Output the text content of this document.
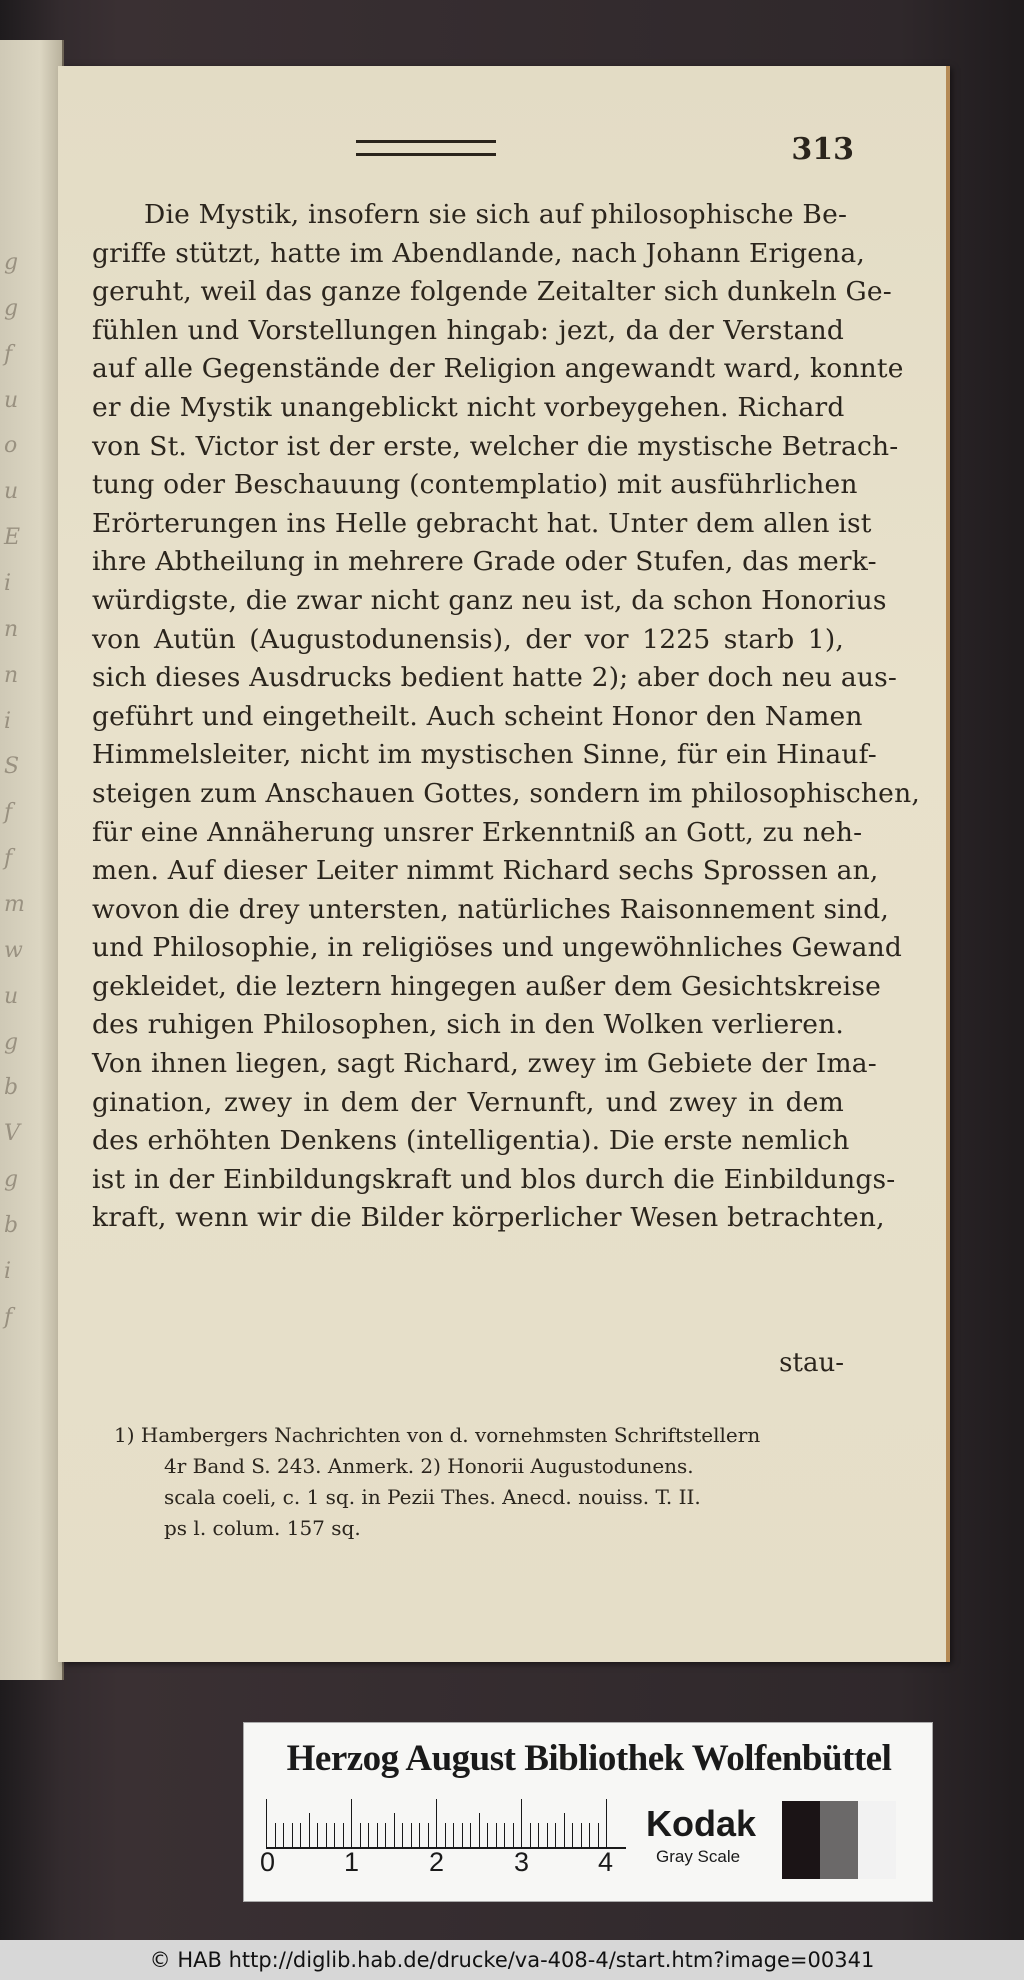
g
g
f
u
o
u
E
i
n
n
i
S
f
f
m
w
u
g
b
V
g
b
i
f
313
Die Mystik, insofern sie sich auf philosophische Be-
griffe stützt, hatte im Abendlande, nach Johann Erigena,
geruht, weil das ganze folgende Zeitalter sich dunkeln Ge-
fühlen und Vorstellungen hingab: jezt, da der Verstand
auf alle Gegenstände der Religion angewandt ward, konnte
er die Mystik unangeblickt nicht vorbeygehen. Richard
von St. Victor ist der erste, welcher die mystische Betrach-
tung oder Beschauung (contemplatio) mit ausführlichen
Erörterungen ins Helle gebracht hat. Unter dem allen ist
ihre Abtheilung in mehrere Grade oder Stufen, das merk-
würdigste, die zwar nicht ganz neu ist, da schon Honorius
von Autün (Augustodunensis), der vor 1225 starb 1),
sich dieses Ausdrucks bedient hatte 2); aber doch neu aus-
geführt und eingetheilt. Auch scheint Honor den Namen
Himmelsleiter, nicht im mystischen Sinne, für ein Hinauf-
steigen zum Anschauen Gottes, sondern im philosophischen,
für eine Annäherung unsrer Erkenntniß an Gott, zu neh-
men. Auf dieser Leiter nimmt Richard sechs Sprossen an,
wovon die drey untersten, natürliches Raisonnement sind,
und Philosophie, in religiöses und ungewöhnliches Gewand
gekleidet, die leztern hingegen außer dem Gesichtskreise
des ruhigen Philosophen, sich in den Wolken verlieren.
Von ihnen liegen, sagt Richard, zwey im Gebiete der Ima-
gination, zwey in dem der Vernunft, und zwey in dem
des erhöhten Denkens (intelligentia). Die erste nemlich
ist in der Einbildungskraft und blos durch die Einbildungs-
kraft, wenn wir die Bilder körperlicher Wesen betrachten,
stau-
1) Hambergers Nachrichten von d. vornehmsten Schriftstellern
4r Band S. 243. Anmerk. 2) Honorii Augustodunens.
scala coeli, c. 1 sq. in Pezii Thes. Anecd. nouiss. T. II.
ps l. colum. 157 sq.
Herzog August Bibliothek Wolfenbüttel
0	1	2	3	4
Kodak
Gray Scale
© HAB http://diglib.hab.de/drucke/va-408-4/start.htm?image=00341
